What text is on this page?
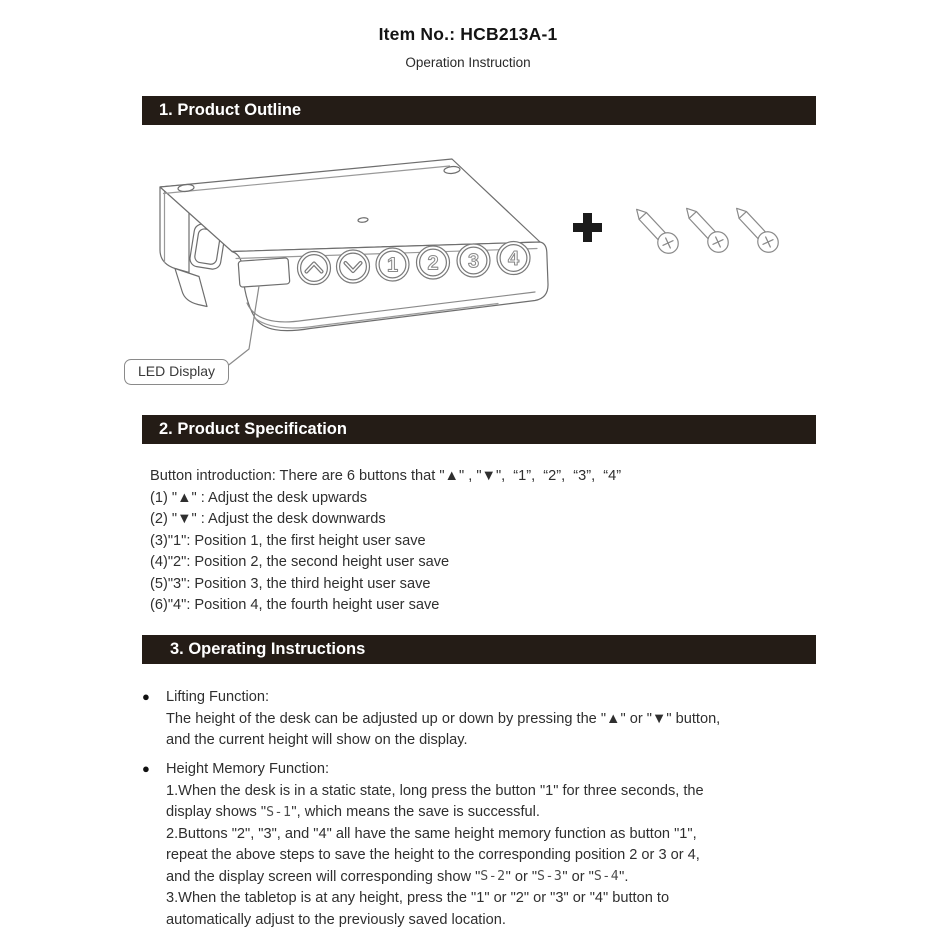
Item No.: HCB213A-1
Operation Instruction
1. Product Outline
1 2 3 4
LED Display
2. Product Specification
Button introduction: There are 6 buttons that "▲" , "▼",  “1”,  “2”,  “3”,  “4”
(1) "▲" : Adjust the desk upwards
(2) "▼" : Adjust the desk downwards
(3)"1": Position 1, the first height user save
(4)"2": Position 2, the second height user save
(5)"3": Position 3, the third height user save
(6)"4": Position 4, the fourth height user save
3. Operating Instructions
● Lifting Function:
The height of the desk can be adjusted up or down by pressing the "▲" or "▼" button,
and the current height will show on the display.
● Height Memory Function:
1.When the desk is in a static state, long press the button "1" for three seconds, the
display shows "S-1", which means the save is successful.
2.Buttons "2", "3", and "4" all have the same height memory function as button "1",
repeat the above steps to save the height to the corresponding position 2 or 3 or 4,
and the display screen will corresponding show "S-2" or "S-3" or "S-4".
3.When the tabletop is at any height, press the "1" or "2" or "3" or "4" button to
automatically adjust to the previously saved location.
